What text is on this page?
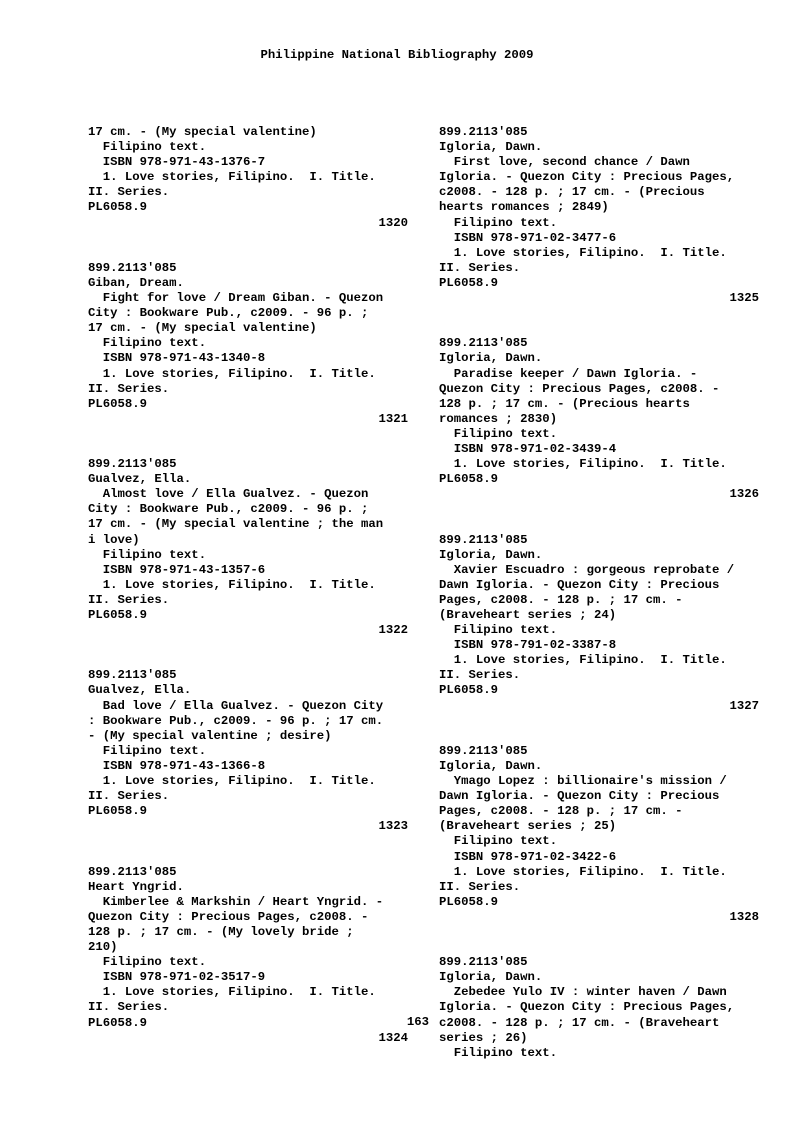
Philippine National Bibliography 2009
17 cm. - (My special valentine)
Filipino text.
ISBN 978-971-43-1376-7
1. Love stories, Filipino.  I. Title.
II. Series.
PL6058.9
1320
899.2113'085
Giban, Dream.
Fight for love / Dream Giban. - Quezon
City : Bookware Pub., c2009. - 96 p. ;
17 cm. - (My special valentine)
Filipino text.
ISBN 978-971-43-1340-8
1. Love stories, Filipino.  I. Title.
II. Series.
PL6058.9
1321
899.2113'085
Gualvez, Ella.
Almost love / Ella Gualvez. - Quezon
City : Bookware Pub., c2009. - 96 p. ;
17 cm. - (My special valentine ; the man
i love)
Filipino text.
ISBN 978-971-43-1357-6
1. Love stories, Filipino.  I. Title.
II. Series.
PL6058.9
1322
899.2113'085
Gualvez, Ella.
Bad love / Ella Gualvez. - Quezon City
: Bookware Pub., c2009. - 96 p. ; 17 cm.
- (My special valentine ; desire)
Filipino text.
ISBN 978-971-43-1366-8
1. Love stories, Filipino.  I. Title.
II. Series.
PL6058.9
1323
899.2113'085
Heart Yngrid.
Kimberlee & Markshin / Heart Yngrid. -
Quezon City : Precious Pages, c2008. -
128 p. ; 17 cm. - (My lovely bride ;
210)
Filipino text.
ISBN 978-971-02-3517-9
1. Love stories, Filipino.  I. Title.
II. Series.
PL6058.9
1324
899.2113'085
Igloria, Dawn.
First love, second chance / Dawn
Igloria. - Quezon City : Precious Pages,
c2008. - 128 p. ; 17 cm. - (Precious
hearts romances ; 2849)
Filipino text.
ISBN 978-971-02-3477-6
1. Love stories, Filipino.  I. Title.
II. Series.
PL6058.9
1325
899.2113'085
Igloria, Dawn.
Paradise keeper / Dawn Igloria. -
Quezon City : Precious Pages, c2008. -
128 p. ; 17 cm. - (Precious hearts
romances ; 2830)
Filipino text.
ISBN 978-971-02-3439-4
1. Love stories, Filipino.  I. Title.
PL6058.9
1326
899.2113'085
Igloria, Dawn.
Xavier Escuadro : gorgeous reprobate /
Dawn Igloria. - Quezon City : Precious
Pages, c2008. - 128 p. ; 17 cm. -
(Braveheart series ; 24)
Filipino text.
ISBN 978-791-02-3387-8
1. Love stories, Filipino.  I. Title.
II. Series.
PL6058.9
1327
899.2113'085
Igloria, Dawn.
Ymago Lopez : billionaire's mission /
Dawn Igloria. - Quezon City : Precious
Pages, c2008. - 128 p. ; 17 cm. -
(Braveheart series ; 25)
Filipino text.
ISBN 978-971-02-3422-6
1. Love stories, Filipino.  I. Title.
II. Series.
PL6058.9
1328
899.2113'085
Igloria, Dawn.
Zebedee Yulo IV : winter haven / Dawn
Igloria. - Quezon City : Precious Pages,
c2008. - 128 p. ; 17 cm. - (Braveheart
series ; 26)
Filipino text.
163
